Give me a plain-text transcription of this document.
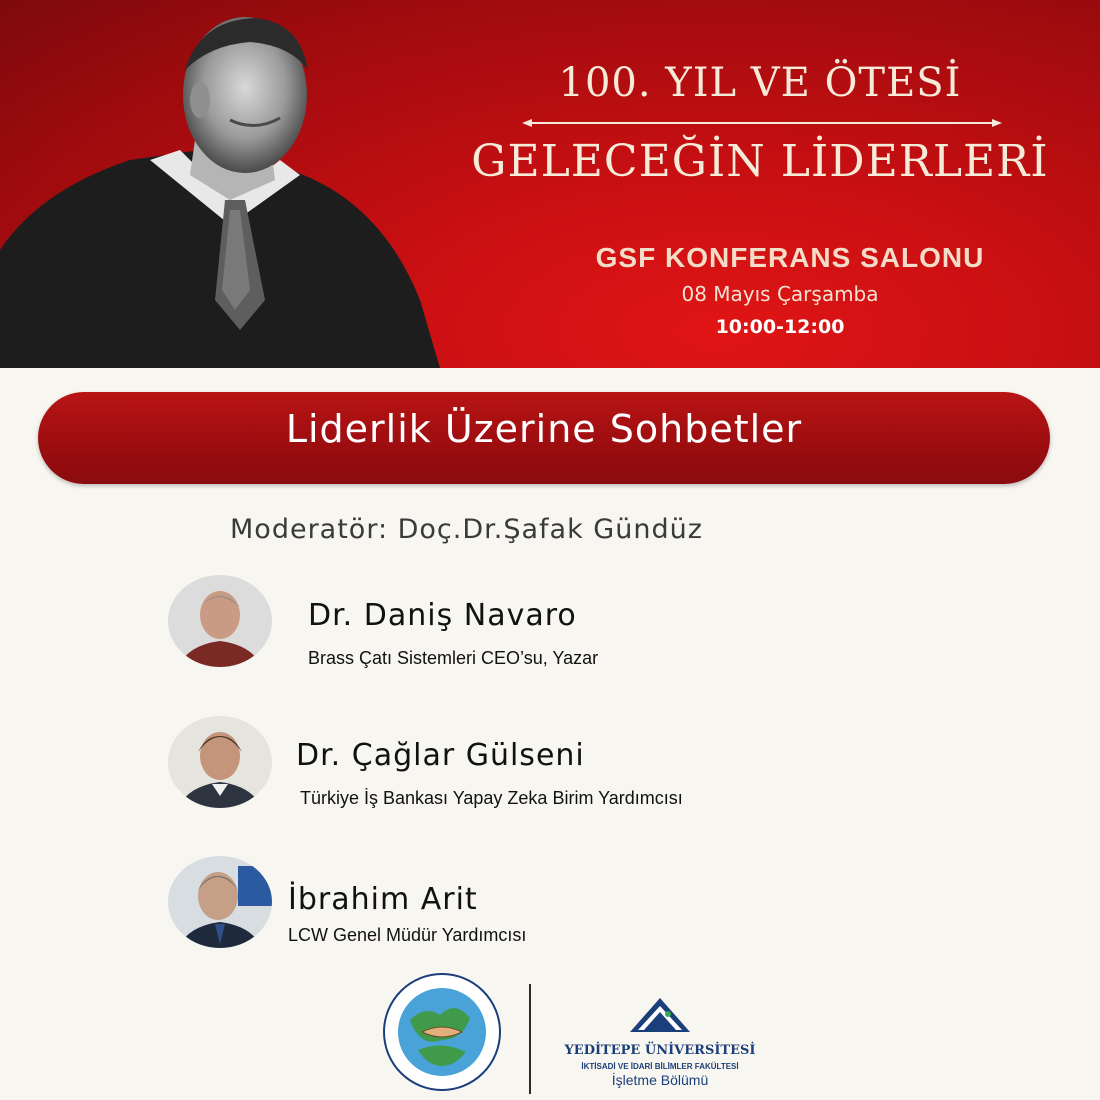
100. YIL VE ÖTESİ
GELECEĞİN LİDERLERİ
GSF KONFERANS SALONU
08 Mayıs Çarşamba
10:00-12:00
Liderlik Üzerine Sohbetler
Moderatör: Doç.Dr.Şafak Gündüz
Dr. Daniş Navaro
Brass Çatı Sistemleri CEO’su, Yazar
Dr. Çağlar Gülseni
Türkiye İş Bankası Yapay Zeka Birim Yardımcısı
İbrahim Arit
LCW Genel Müdür Yardımcısı
YEDİTEPE ÜNİVERSİTESİ
İKTİSADİ VE İDARİ BİLİMLER FAKÜLTESİ
İşletme Bölümü
